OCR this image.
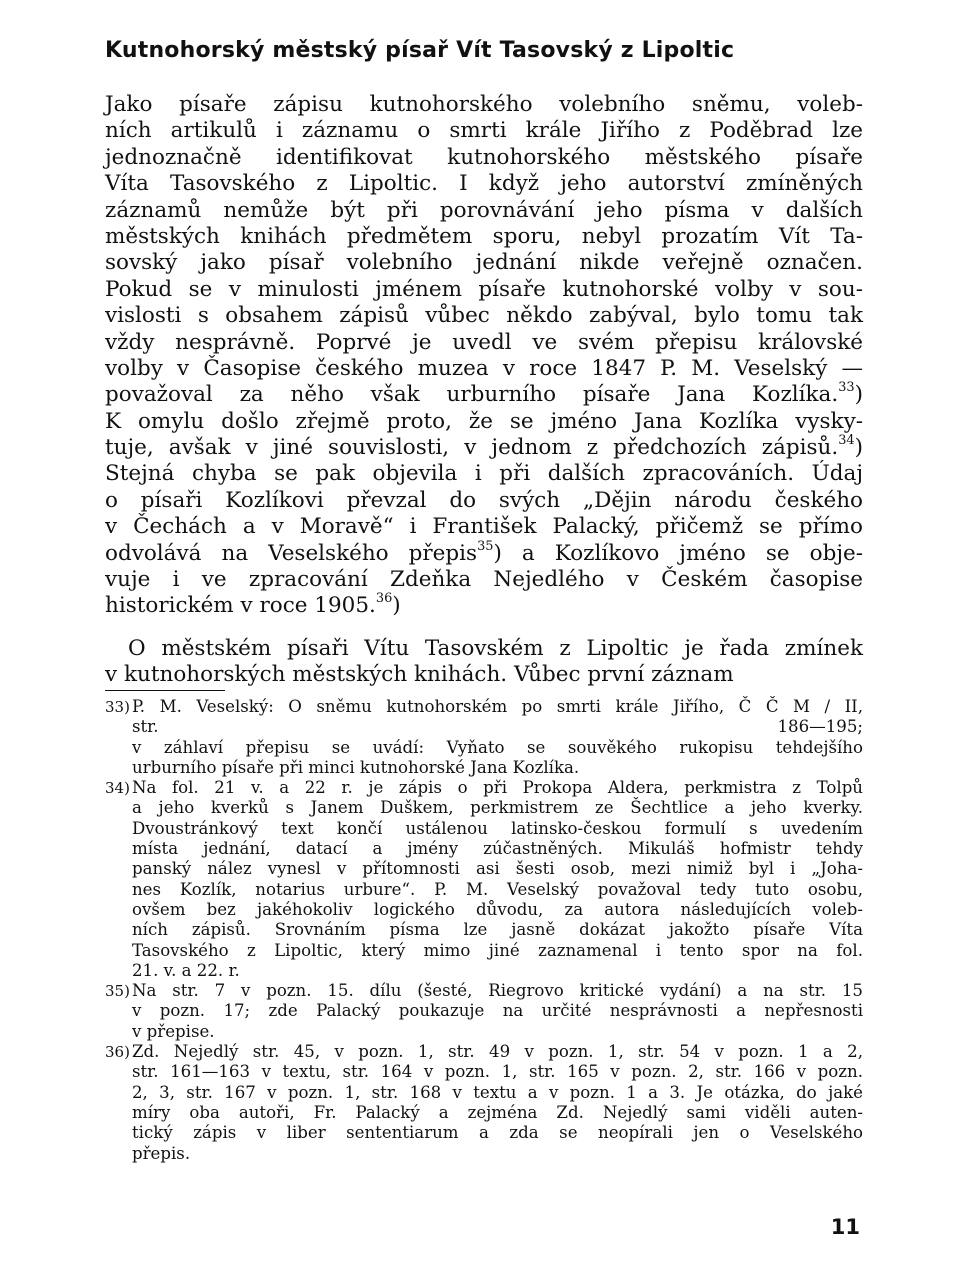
Kutnohorský městský písař Vít Tasovský z Lipoltic
Jako písaře zápisu kutnohorského volebního sněmu, voleb-
ních artikulů i záznamu o smrti krále Jiřího z Poděbrad lze
jednoznačně identifikovat kutnohorského městského písaře
Víta Tasovského z Lipoltic. I když jeho autorství zmíněných
záznamů nemůže být při porovnávání jeho písma v dalších
městských knihách předmětem sporu, nebyl prozatím Vít Ta-
sovský jako písař volebního jednání nikde veřejně označen.
Pokud se v minulosti jménem písaře kutnohorské volby v sou-
vislosti s obsahem zápisů vůbec někdo zabýval, bylo tomu tak
vždy nesprávně. Poprvé je uvedl ve svém přepisu královské
volby v Časopise českého muzea v roce 1847 P. M. Veselský —
považoval za něho však urburního písaře Jana Kozlíka.$^{33}$)
K omylu došlo zřejmě proto, že se jméno Jana Kozlíka vysky-
tuje, avšak v jiné souvislosti, v jednom z předchozích zápisů.$^{34}$)
Stejná chyba se pak objevila i při dalších zpracováních. Údaj
o písaři Kozlíkovi převzal do svých „Dějin národu českého
v Čechách a v Moravě“ i František Palacký, přičemž se přímo
odvolává na Veselského přepis$^{35}$) a Kozlíkovo jméno se obje-
vuje i ve zpracování Zdeňka Nejedlého v Českém časopise
historickém v roce 1905.36)
O městském písaři Vítu Tasovském z Lipoltic je řada zmínek
v kutnohorských městských knihách. Vůbec první záznam
33) P. M. Veselský: O sněmu kutnohorském po smrti krále Jiřího, Č Č M / II,
str. 186—195;
v záhlaví přepisu se uvádí: Vyňato se souvěkého rukopisu tehdejšího
urburního písaře při minci kutnohorské Jana Kozlíka.
34) Na fol. 21 v. a 22 r. je zápis o při Prokopa Aldera, perkmistra z Tolpů
a jeho kverků s Janem Duškem, perkmistrem ze Šechtlice a jeho kverky.
Dvoustránkový text končí ustálenou latinsko-českou formulí s uvedením
místa jednání, datací a jmény zúčastněných. Mikuláš hofmistr tehdy
panský nález vynesl v přítomnosti asi šesti osob, mezi nimiž byl i „Joha-
nes Kozlík, notarius urbure“. P. M. Veselský považoval tedy tuto osobu,
ovšem bez jakéhokoliv logického důvodu, za autora následujících voleb-
ních zápisů. Srovnáním písma lze jasně dokázat jakožto písaře Víta
Tasovského z Lipoltic, který mimo jiné zaznamenal i tento spor na fol.
21. v. a 22. r.
35) Na str. 7 v pozn. 15. dílu (šesté, Riegrovo kritické vydání) a na str. 15
v pozn. 17; zde Palacký poukazuje na určité nesprávnosti a nepřesnosti
v přepise.
36) Zd. Nejedlý str. 45, v pozn. 1, str. 49 v pozn. 1, str. 54 v pozn. 1 a 2,
str. 161—163 v textu, str. 164 v pozn. 1, str. 165 v pozn. 2, str. 166 v pozn.
2, 3, str. 167 v pozn. 1, str. 168 v textu a v pozn. 1 a 3. Je otázka, do jaké
míry oba autoři, Fr. Palacký a zejména Zd. Nejedlý sami viděli auten-
tický zápis v liber sententiarum a zda se neopírali jen o Veselského
přepis.
11
